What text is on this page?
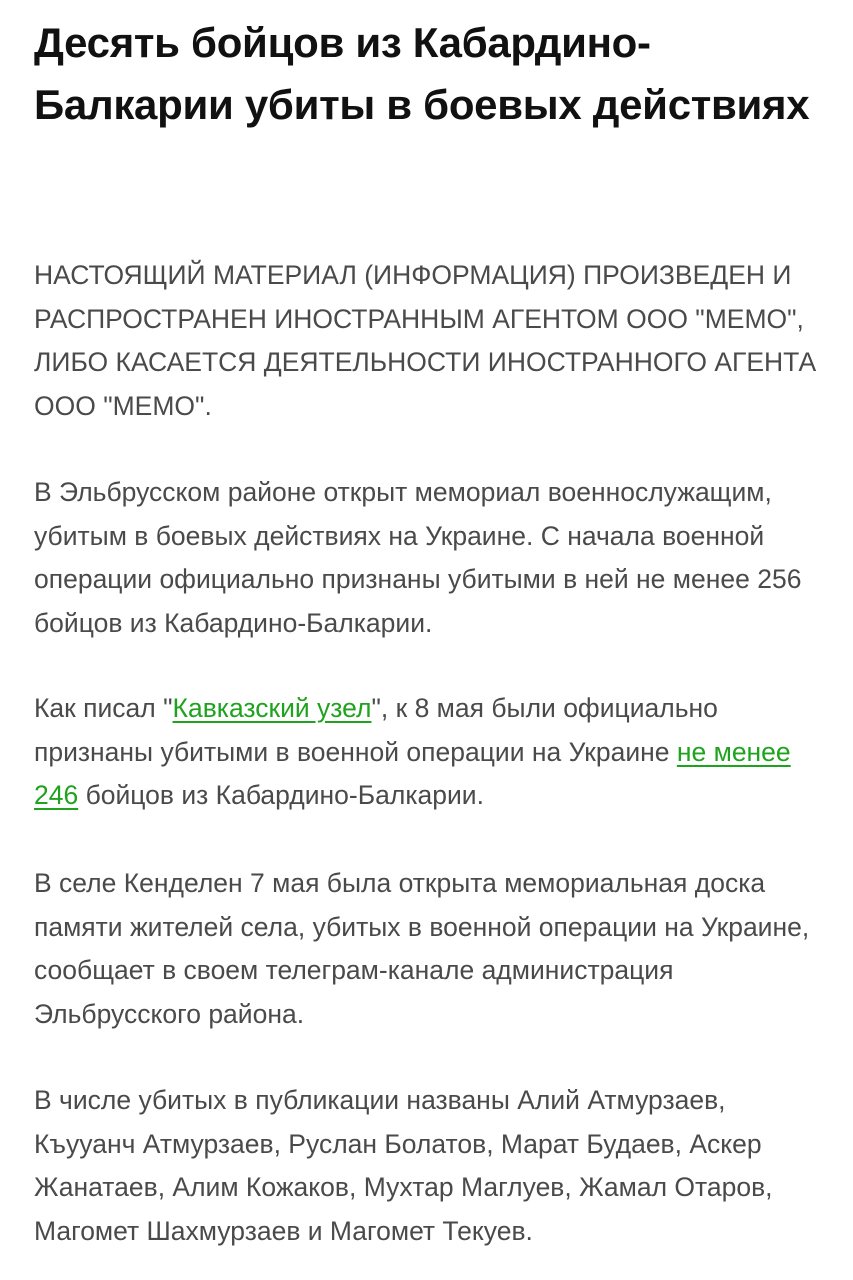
Десять бойцов из Кабардино-Балкарии убиты в боевых действиях

НАСТОЯЩИЙ МАТЕРИАЛ (ИНФОРМАЦИЯ) ПРОИЗВЕДЕН И РАСПРОСТРАНЕН ИНОСТРАННЫМ АГЕНТОМ ООО "МЕМО", ЛИБО КАСАЕТСЯ ДЕЯТЕЛЬНОСТИ ИНОСТРАННОГО АГЕНТА ООО "МЕМО".

В Эльбрусском районе открыт мемориал военнослужащим, убитым в боевых действиях на Украине. С начала военной операции официально признаны убитыми в ней не менее 256 бойцов из Кабардино-Балкарии.

Как писал "Кавказский узел", к 8 мая были официально признаны убитыми в военной операции на Украине не менее 246 бойцов из Кабардино-Балкарии.

В селе Кенделен 7 мая была открыта мемориальная доска памяти жителей села, убитых в военной операции на Украине, сообщает в своем телеграм-канале администрация Эльбрусского района.

В числе убитых в публикации названы Алий Атмурзаев, Къууанч Атмурзаев, Руслан Болатов, Марат Будаев, Аскер Жанатаев, Алим Кожаков, Мухтар Маглуев, Жамал Отаров, Магомет Шахмурзаев и Магомет Текуев.
